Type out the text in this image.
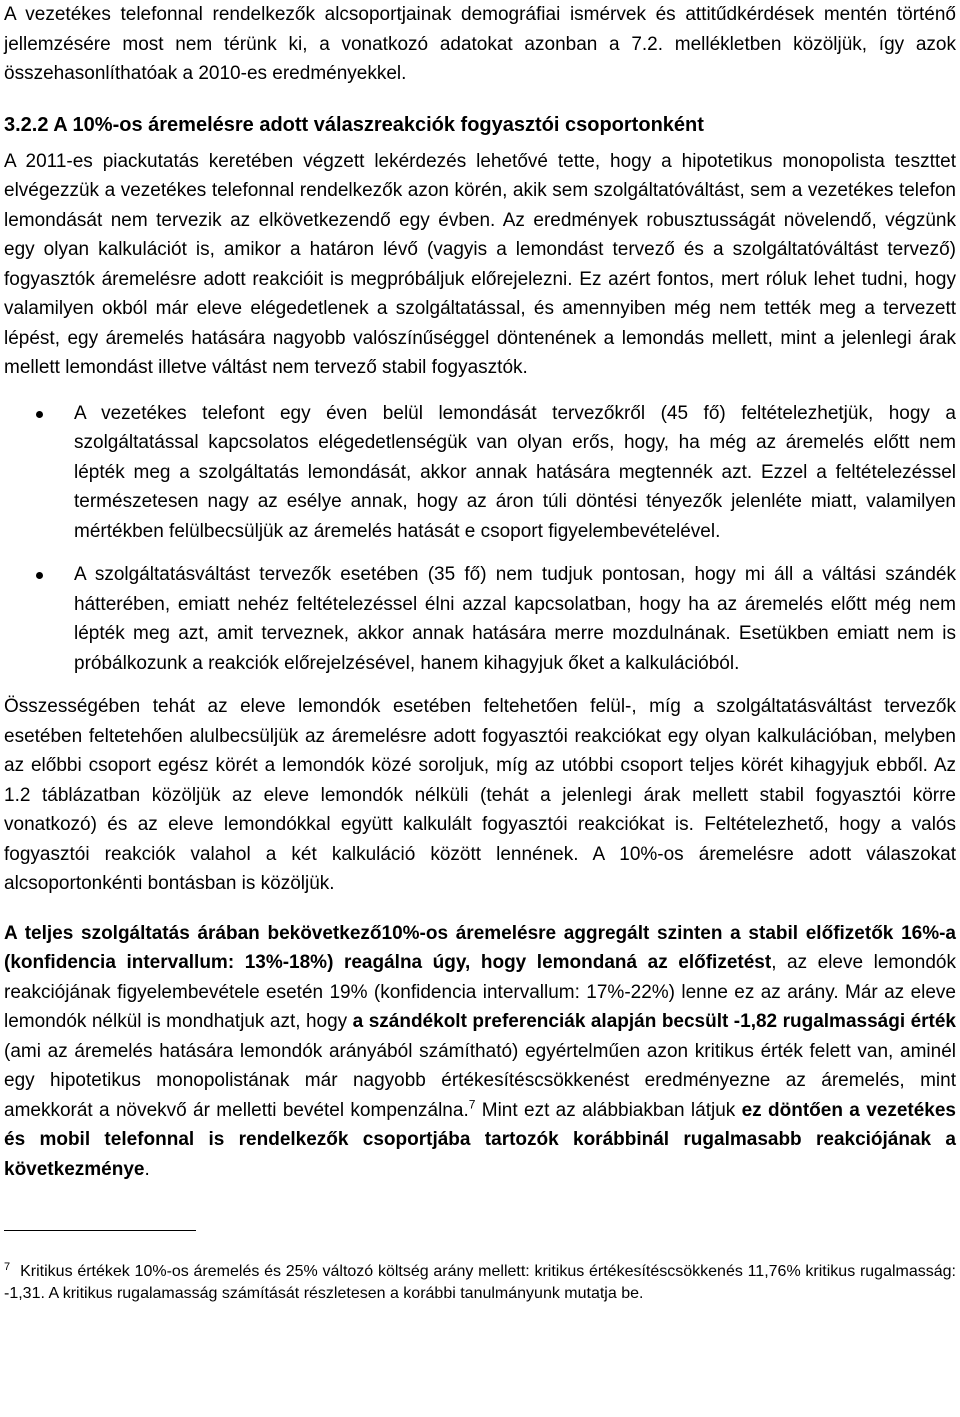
A vezetékes telefonnal rendelkezők alcsoportjainak demográfiai ismérvek és attitűdkérdések mentén történő jellemzésére most nem térünk ki, a vonatkozó adatokat azonban a 7.2. mellékletben közöljük, így azok összehasonlíthatóak a 2010-es eredményekkel.

3.2.2 A 10%-os áremelésre adott válaszreakciók fogyasztói csoportonként

A 2011-es piackutatás keretében végzett lekérdezés lehetővé tette, hogy a hipotetikus monopolista teszttet elvégezzük a vezetékes telefonnal rendelkezők azon körén, akik sem szolgáltatóváltást, sem a vezetékes telefon lemondását nem tervezik az elkövetkezendő egy évben. Az eredmények robusztusságát növelendő, végzünk egy olyan kalkulációt is, amikor a határon lévő (vagyis a lemondást tervező és a szolgáltatóváltást tervező) fogyasztók áremelésre adott reakcióit is megpróbáljuk előrejelezni. Ez azért fontos, mert róluk lehet tudni, hogy valamilyen okból már eleve elégedetlenek a szolgáltatással, és amennyiben még nem tették meg a tervezett lépést, egy áremelés hatására nagyobb valószínűséggel döntenének a lemondás mellett, mint a jelenlegi árak mellett lemondást illetve váltást nem tervező stabil fogyasztók.

A vezetékes telefont egy éven belül lemondását tervezőkről (45 fő) feltételezhetjük, hogy a szolgáltatással kapcsolatos elégedetlenségük van olyan erős, hogy, ha még az áremelés előtt nem lépték meg a szolgáltatás lemondását, akkor annak hatására megtennék azt. Ezzel a feltételezéssel természetesen nagy az esélye annak, hogy az áron túli döntési tényezők jelenléte miatt, valamilyen mértékben felülbecsüljük az áremelés hatását e csoport figyelembevételével.
A szolgáltatásváltást tervezők esetében (35 fő) nem tudjuk pontosan, hogy mi áll a váltási szándék hátterében, emiatt nehéz feltételezéssel élni azzal kapcsolatban, hogy ha az áremelés előtt még nem lépték meg azt, amit terveznek, akkor annak hatására merre mozdulnának. Esetükben emiatt nem is próbálkozunk a reakciók előrejelzésével, hanem kihagyjuk őket a kalkulációból.

Összességében tehát az eleve lemondók esetében feltehetően felül-, míg a szolgáltatásváltást tervezők esetében feltetehően alulbecsüljük az áremelésre adott fogyasztói reakciókat egy olyan kalkulációban, melyben az előbbi csoport egész körét a lemondók közé soroljuk, míg az utóbbi csoport teljes körét kihagyjuk ebből. Az 1.2 táblázatban közöljük az eleve lemondók nélküli (tehát a jelenlegi árak mellett stabil fogyasztói körre vonatkozó) és az eleve lemondókkal együtt kalkulált fogyasztói reakciókat is. Feltételezhető, hogy a valós fogyasztói reakciók valahol a két kalkuláció között lennének. A 10%-os áremelésre adott válaszokat alcsoportonkénti bontásban is közöljük.

A teljes szolgáltatás árában bekövetkező10%-os áremelésre aggregált szinten a stabil előfizetők 16%-a (konfidencia intervallum: 13%-18%) reagálna úgy, hogy lemondaná az előfizetést, az eleve lemondók reakciójának figyelembevétele esetén 19% (konfidencia intervallum: 17%-22%) lenne ez az arány. Már az eleve lemondók nélkül is mondhatjuk azt, hogy a szándékolt preferenciák alapján becsült -1,82 rugalmassági érték (ami az áremelés hatására lemondók arányából számítható) egyértelműen azon kritikus érték felett van, aminél egy hipotetikus monopolistának már nagyobb értékesítéscsökkenést eredményezne az áremelés, mint amekkorát a növekvő ár melletti bevétel kompenzálna.$^7$ Mint ezt az alábbiakban látjuk ez döntően a vezetékes és mobil telefonnal is rendelkezők csoportjába tartozók korábbinál rugalmasabb reakciójának a következménye.

$^7$ Kritikus értékek 10%-os áremelés és 25% változó költség arány mellett: kritikus értékesítéscsökkenés 11,76% kritikus rugalmasság: -1,31. A kritikus rugalamasság számítását részletesen a korábbi tanulmányunk mutatja be.
